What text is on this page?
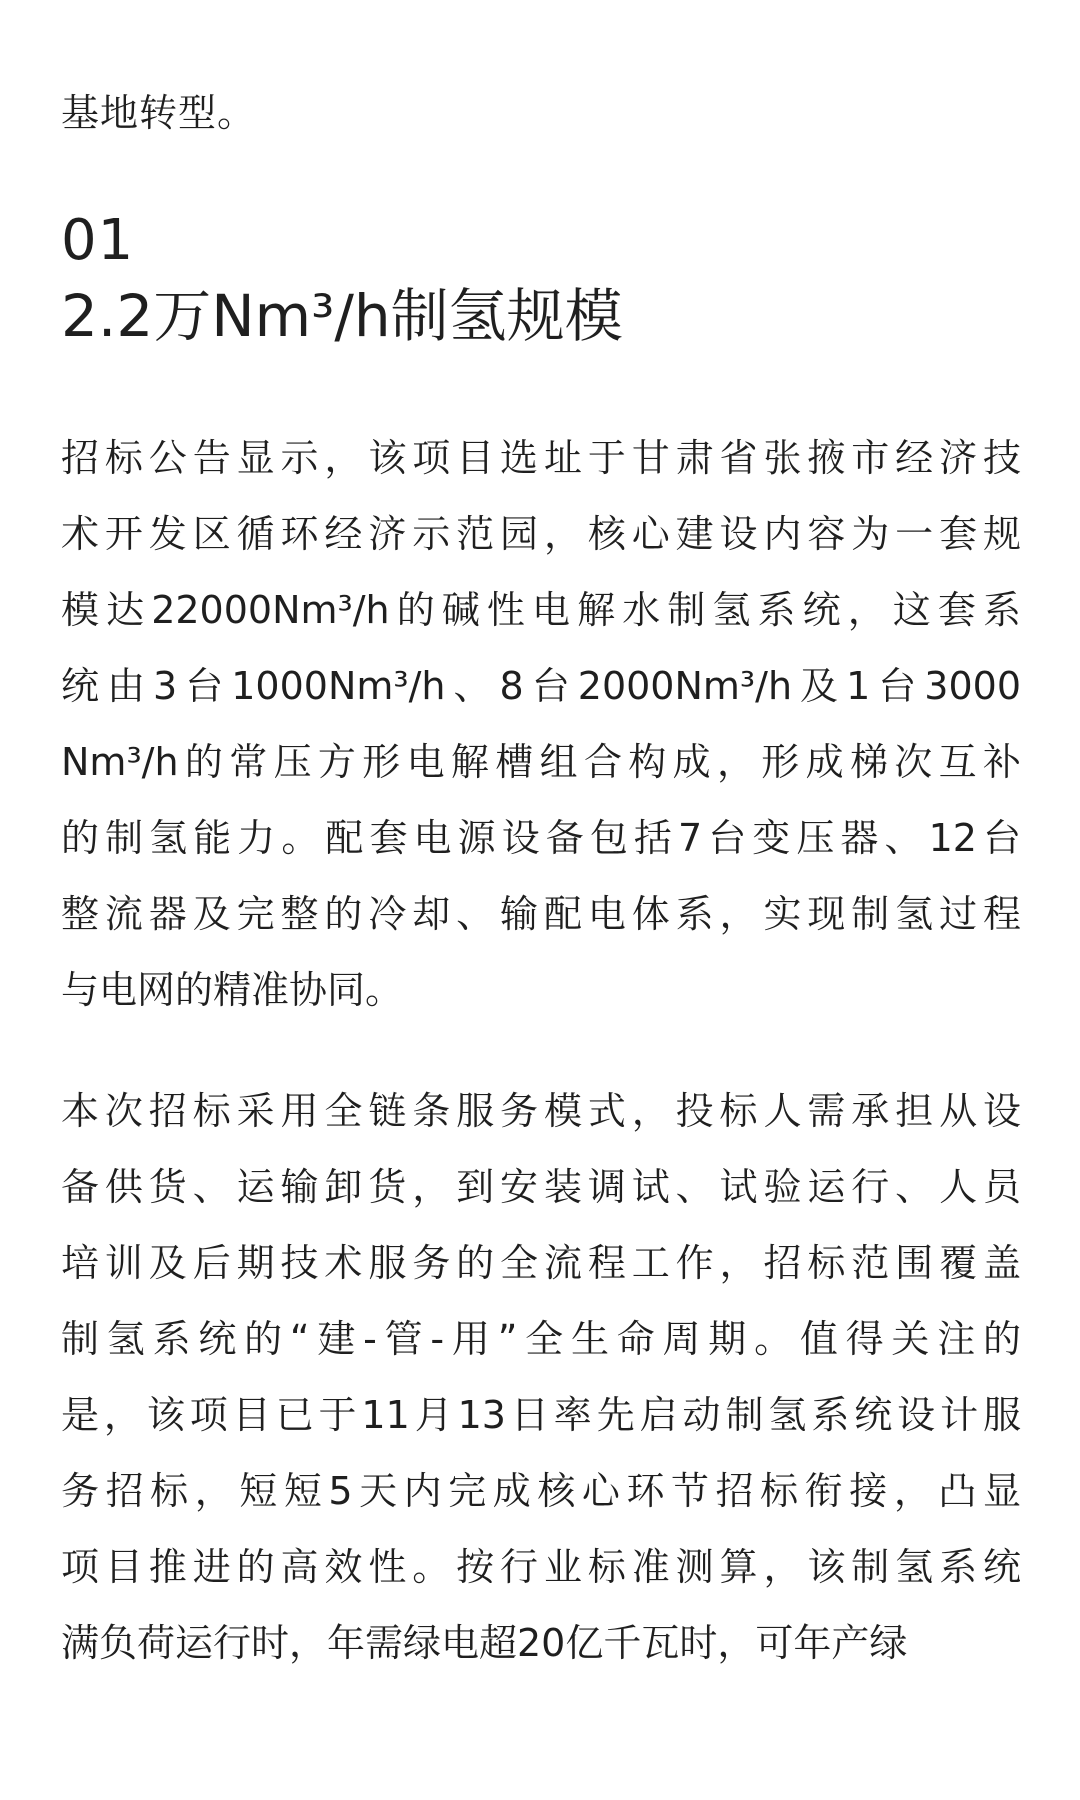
基地转型。
01
2.2万Nm³/h制氢规模

招标公告显示，该项目选址于甘肃省张掖市经济技
术开发区循环经济示范园，核心建设内容为一套规
模达22000Nm³/h的碱性电解水制氢系统，这套系
统由3台1000Nm³/h、8台2000Nm³/h及1台3000
Nm³/h的常压方形电解槽组合构成，形成梯次互补
的制氢能力。配套电源设备包括7台变压器、12台
整流器及完整的冷却、输配电体系，实现制氢过程
与电网的精准协同。

本次招标采用全链条服务模式，投标人需承担从设
备供货、运输卸货，到安装调试、试验运行、人员
培训及后期技术服务的全流程工作，招标范围覆盖
制氢系统的“建-管-用”全生命周期。值得关注的
是，该项目已于11月13日率先启动制氢系统设计服
务招标，短短5天内完成核心环节招标衔接，凸显
项目推进的高效性。按行业标准测算，该制氢系统
满负荷运行时，年需绿电超20亿千瓦时，可年产绿
